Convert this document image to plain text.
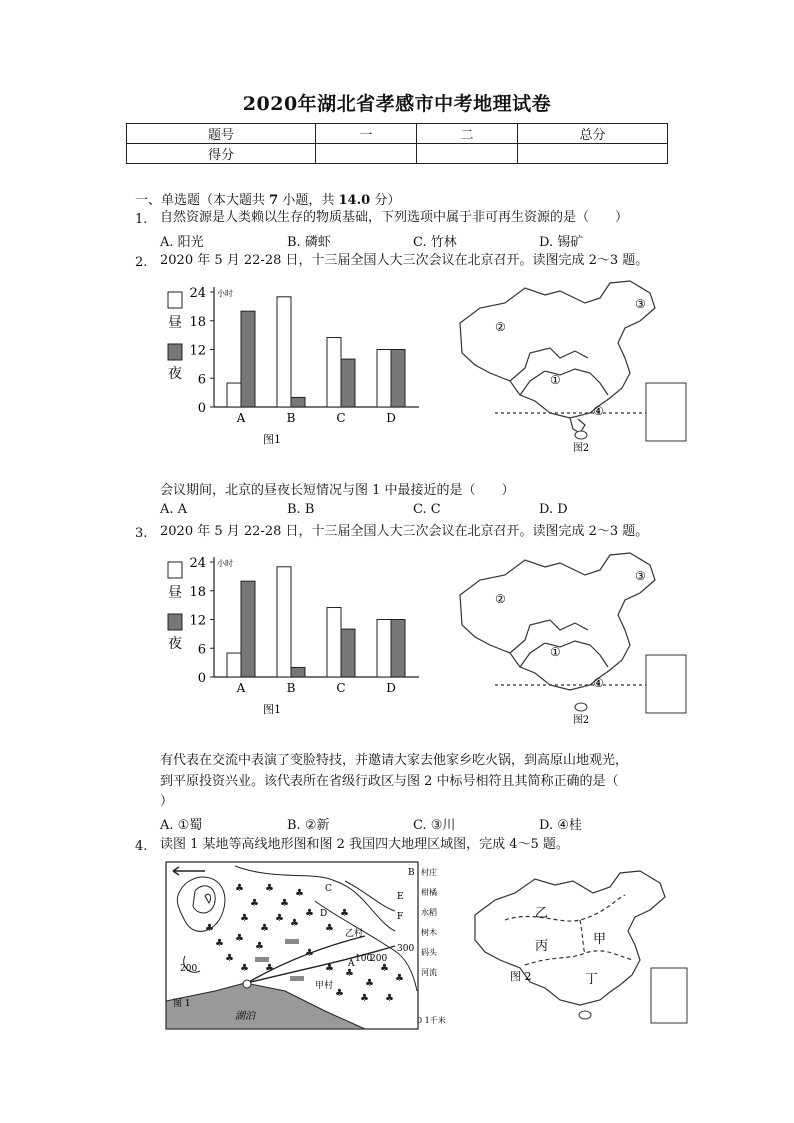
2020年湖北省孝感市中考地理试卷
题号	一	二	总分
得分			
一、单选题（本大题共 7 小题，共 14.0 分）
1. 自然资源是人类赖以生存的物质基础，下列选项中属于非可再生资源的是（　　）
A. 阳光	B. 磷虾	C. 竹林	D. 锡矿
2. 2020 年 5 月 22-28 日，十三届全国人大三次会议在北京召开。读图完成 2～3 题。
0
6
12
18
24 小时
昼
夜
A	B	C	D
图1
图2
②
③
①
④
会议期间，北京的昼夜长短情况与图 1 中最接近的是（　　）
A. A	B. B	C. C	D. D
3. 2020 年 5 月 22-28 日，十三届全国人大三次会议在北京召开。读图完成 2～3 题。
0
6
12
18
24 小时
昼
夜
A	B	C	D
图1
图2
②
③
①
④
有代表在交流中表演了变脸特技，并邀请大家去他家乡吃火锅，到高原山地观光，
到平原投资兴业。该代表所在省级行政区与图 2 中标号相符且其简称正确的是（
）
A. ①蜀	B. ②新	C. ③川	D. ④桂
4. 读图 1 某地等高线地形图和图 2 我国四大地理区域图，完成 4～5 题。
湖泊
乙村
甲村
图 1
200
100
200
300
A
B
C
D
E
F
村庄
柑橘
水稻
树木
码头
河流
0 1千米
♣
♣
♣
♣
♣
♣
♣
♣ ♣
♣
♣
♣
♣
♣ ♣
♣
♣
♣
♣
♣
♣ ♣
♣
♣
♣
♣
♣
♣	图 2
乙
甲
丙
丁
